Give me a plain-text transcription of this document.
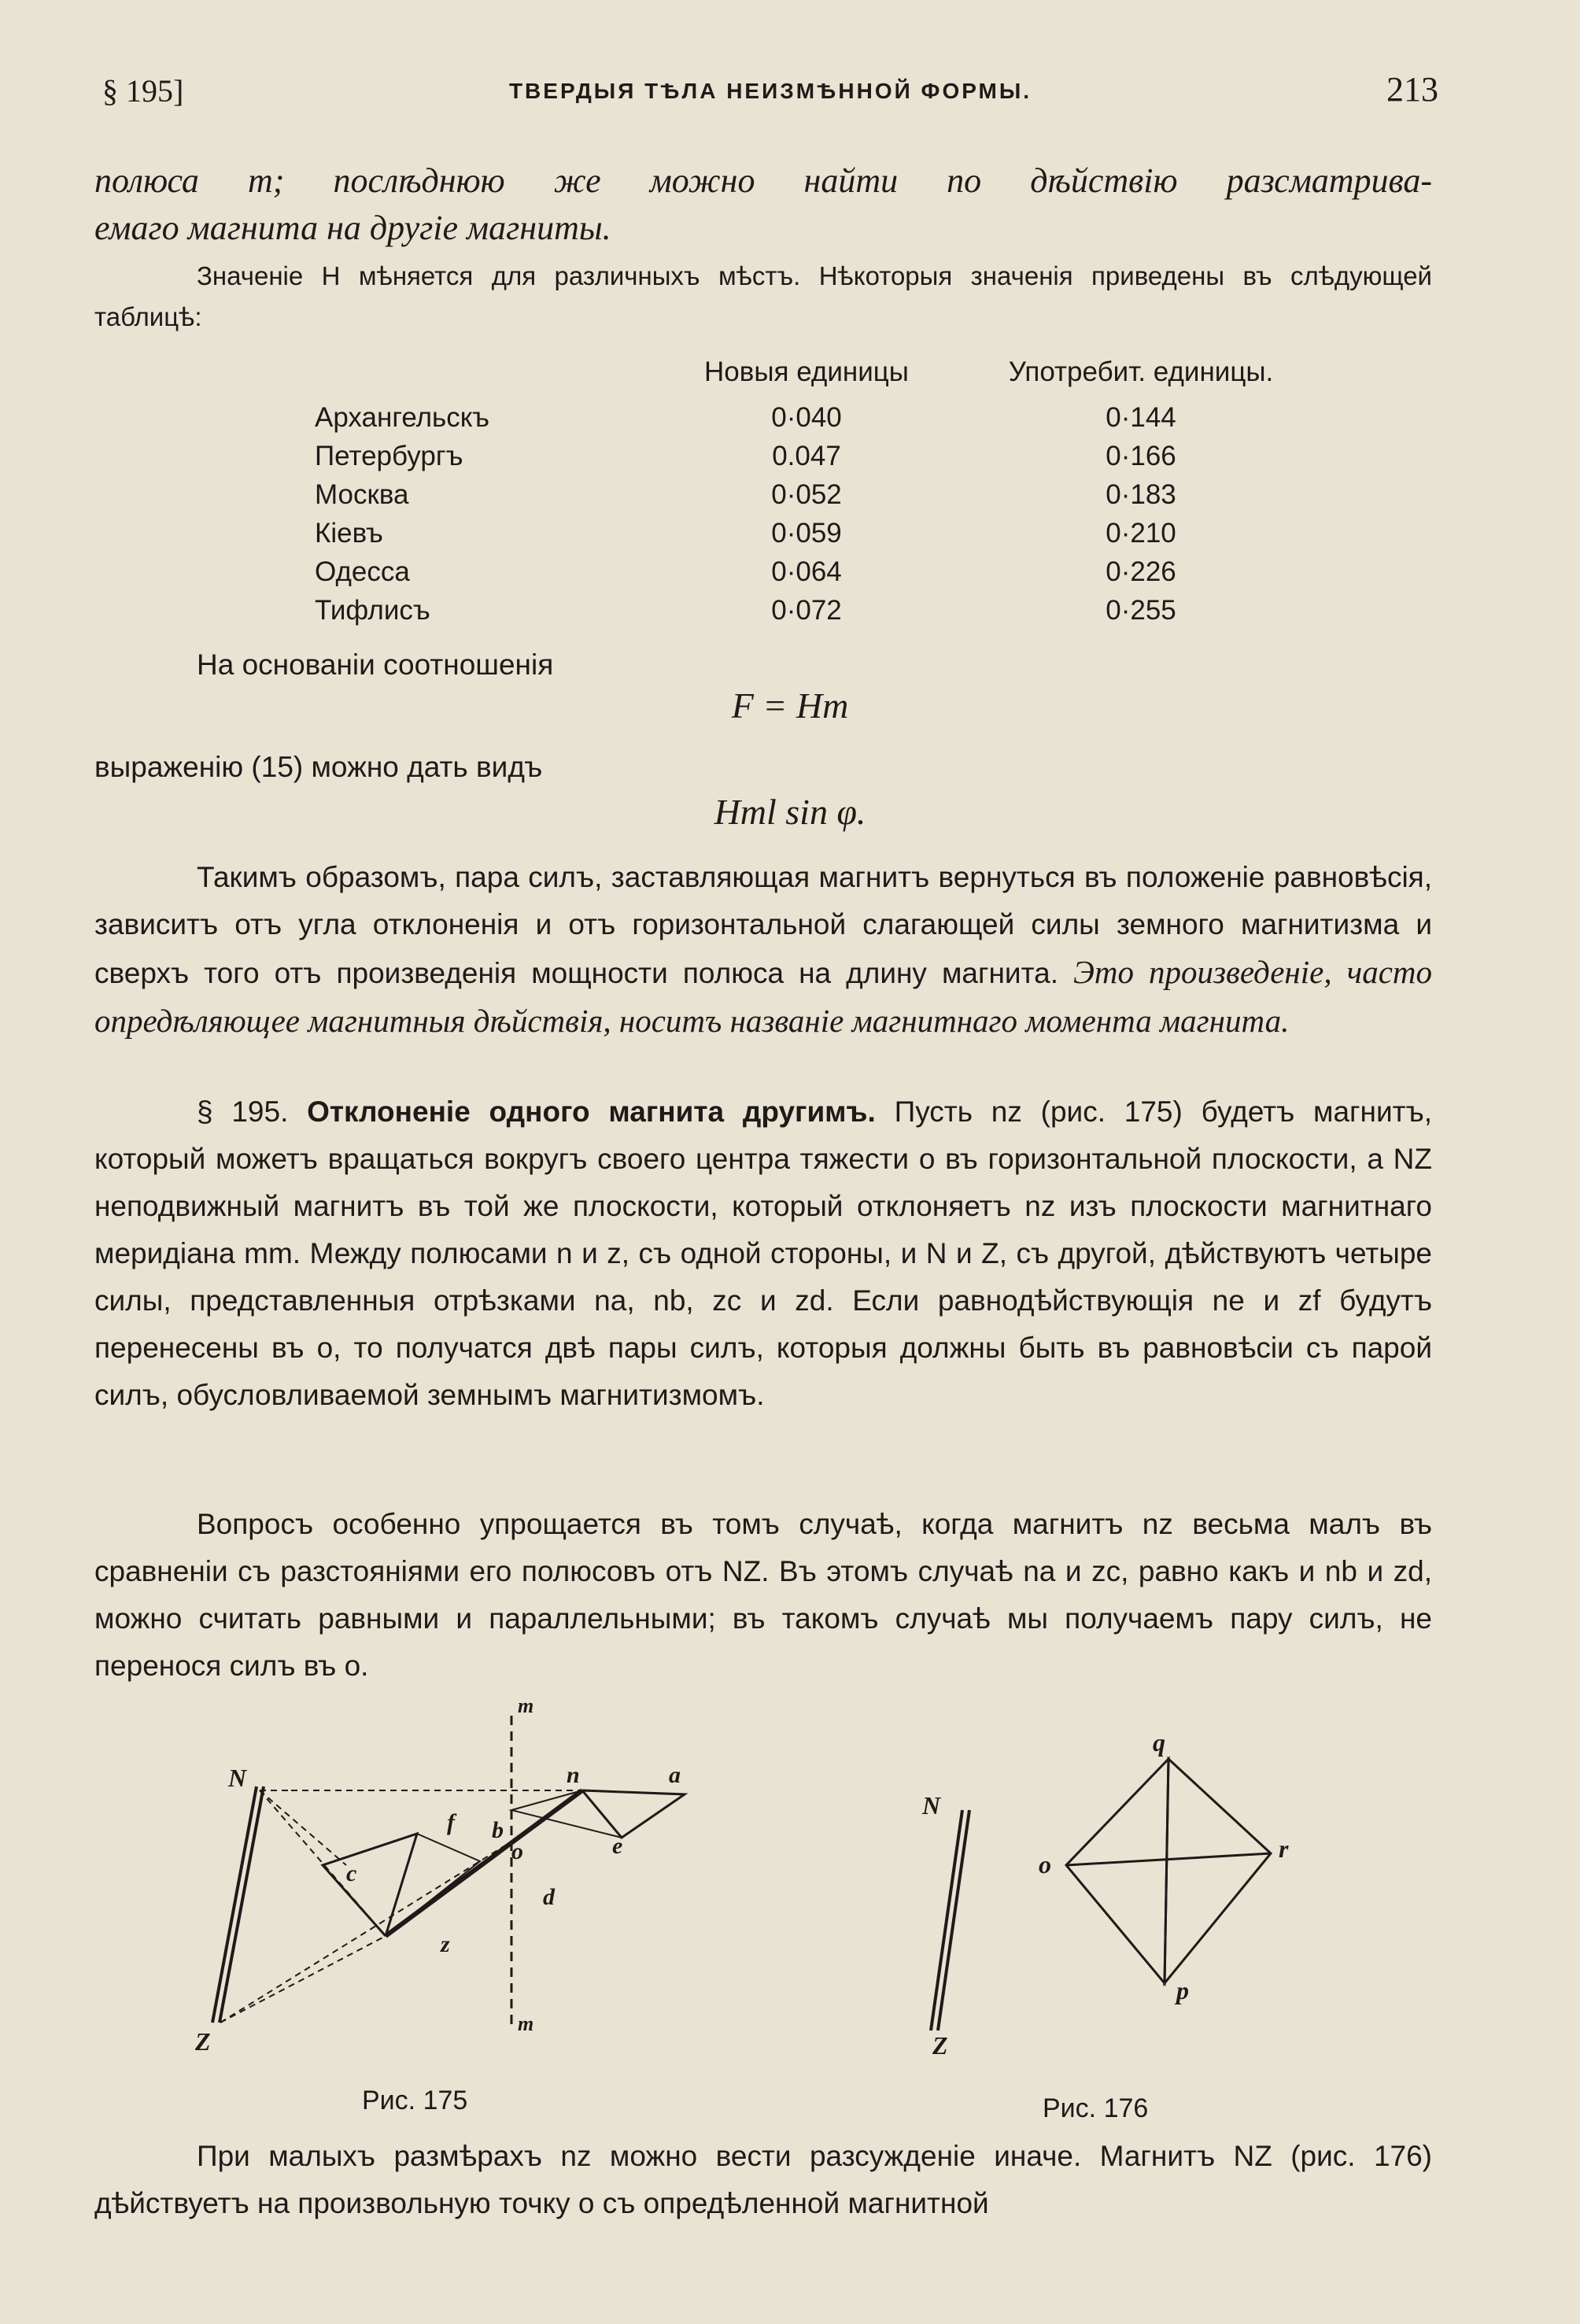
§ 195]	ТВЕРДЫЯ ТѢЛА НЕИЗМѢННОЙ ФОРМЫ.	213
полюса m; послѣднюю же можно найти по дѣйствію разсматрива-
емаго магнита на другіе магниты.
Значеніе H мѣняется для различныхъ мѣстъ. Нѣкоторыя значенія приведены въ слѣдующей таблицѣ:
	Новыя единицы	Употребит. единицы.
Архангельскъ	0·040	0·144
Петербургъ	0.047	0·166
Москва	0·052	0·183
Кіевъ	0·059	0·210
Одесса	0·064	0·226
Тифлисъ	0·072	0·255
На основаніи соотношенія
F = Hm
выраженію (15) можно дать видъ
Hml sin φ.
Такимъ образомъ, пара силъ, заставляющая магнитъ вернуться въ положеніе равновѣсія, зависитъ отъ угла отклоненія и отъ горизонтальной слагающей силы земного магнитизма и сверхъ того отъ произведенія мощности полюса на длину магнита. Это произведеніе, часто опредѣляющее магнитныя дѣйствія, носитъ названіе магнитнаго момента магнита.
§ 195. Отклоненіе одного магнита другимъ. Пусть nz (рис. 175) будетъ магнитъ, который можетъ вращаться вокругъ своего центра тяжести o въ горизонтальной плоскости, а NZ неподвижный магнитъ въ той же плоскости, который отклоняетъ nz изъ плоскости магнитнаго меридіана mm. Между полюсами n и z, съ одной стороны, и N и Z, съ другой, дѣйствуютъ четыре силы, представленныя отрѣзками na, nb, zc и zd. Если равнодѣйствующія ne и zf будутъ перенесены въ o, то получатся двѣ пары силъ, которыя должны быть въ равновѣсіи съ парой силъ, обусловливаемой земнымъ магнитизмомъ.
Вопросъ особенно упрощается въ томъ случаѣ, когда магнитъ nz весьма малъ въ сравненіи съ разстояніями его полюсовъ отъ NZ. Въ этомъ случаѣ na и zc, равно какъ и nb и zd, можно считать равными и параллельными; въ такомъ случаѣ мы получаемъ пару силъ, не перенося силъ въ o.
N
Z
m
m
n	a
f b
e
c
o
d
z
Рис. 175
N
Z
q
o
r
p
Рис. 176
При малыхъ размѣрахъ nz можно вести разсужденіе иначе. Магнитъ NZ (рис. 176) дѣйствуетъ на произвольную точку o съ опредѣленной магнитной
